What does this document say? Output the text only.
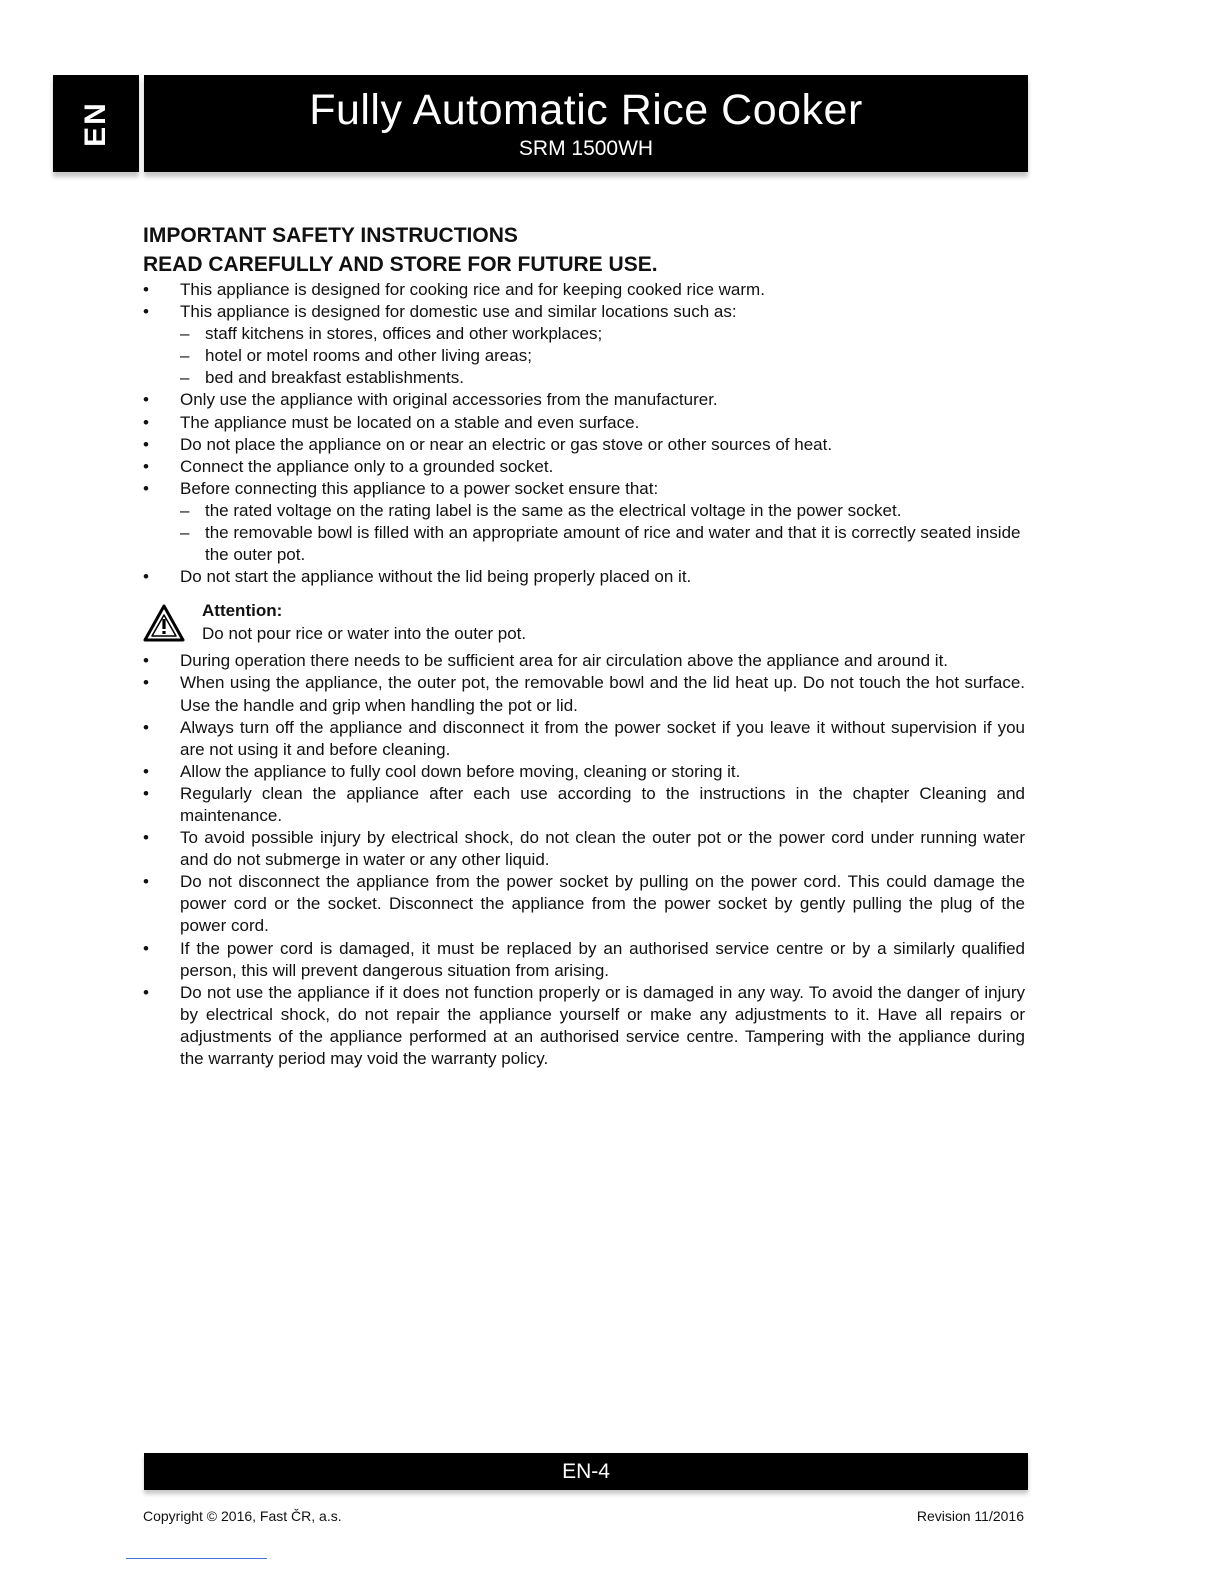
EN	Fully Automatic Rice Cooker
SRM 1500WH
IMPORTANT SAFETY INSTRUCTIONS
READ CAREFULLY AND STORE FOR FUTURE USE.
• This appliance is designed for cooking rice and for keeping cooked rice warm.
• This appliance is designed for domestic use and similar locations such as:
– staff kitchens in stores, offices and other workplaces;
– hotel or motel rooms and other living areas;
– bed and breakfast establishments.
• Only use the appliance with original accessories from the manufacturer.
• The appliance must be located on a stable and even surface.
• Do not place the appliance on or near an electric or gas stove or other sources of heat.
• Connect the appliance only to a grounded socket.
• Before connecting this appliance to a power socket ensure that:
– the rated voltage on the rating label is the same as the electrical voltage in the power socket.
– the removable bowl is filled with an appropriate amount of rice and water and that it is correctly seated inside the outer pot.
• Do not start the appliance without the lid being properly placed on it.
Attention:
Do not pour rice or water into the outer pot.
• During operation there needs to be sufficient area for air circulation above the appliance and around it.
• When using the appliance, the outer pot, the removable bowl and the lid heat up. Do not touch the hot surface. Use the handle and grip when handling the pot or lid.
• Always turn off the appliance and disconnect it from the power socket if you leave it without supervision if you are not using it and before cleaning.
• Allow the appliance to fully cool down before moving, cleaning or storing it.
• Regularly clean the appliance after each use according to the instructions in the chapter Cleaning and maintenance.
• To avoid possible injury by electrical shock, do not clean the outer pot or the power cord under running water and do not submerge in water or any other liquid.
• Do not disconnect the appliance from the power socket by pulling on the power cord. This could damage the power cord or the socket. Disconnect the appliance from the power socket by gently pulling the plug of the power cord.
• If the power cord is damaged, it must be replaced by an authorised service centre or by a similarly qualified person, this will prevent dangerous situation from arising.
• Do not use the appliance if it does not function properly or is damaged in any way. To avoid the danger of injury by electrical shock, do not repair the appliance yourself or make any adjustments to it. Have all repairs or adjustments of the appliance performed at an authorised service centre. Tampering with the appliance during the warranty period may void the warranty policy.
EN-4
Copyright © 2016, Fast ČR, a.s.	Revision 11/2016
